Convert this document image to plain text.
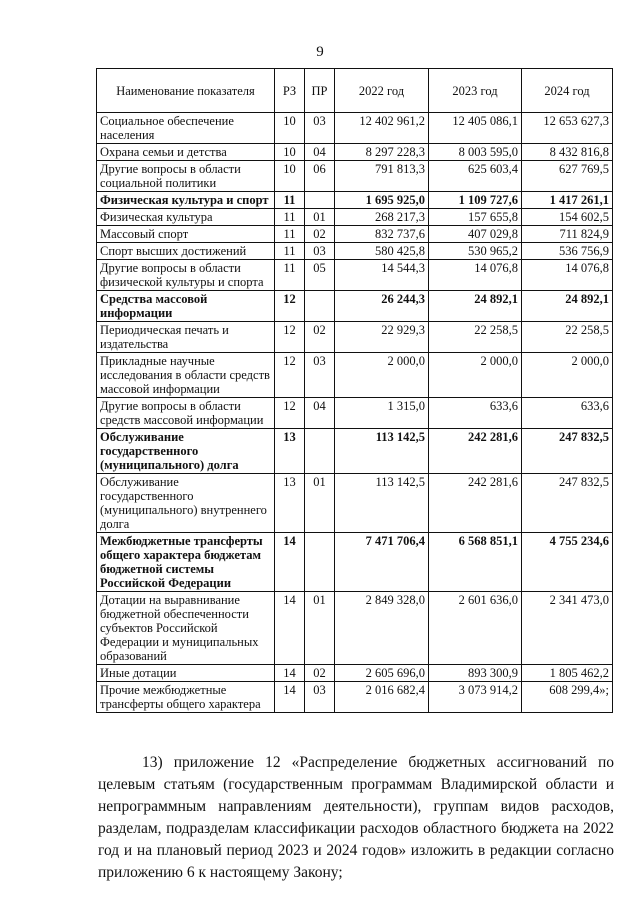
9
Наименование показателя	РЗ	ПР	2022 год	2023 год	2024 год
Социальное обеспечение населения	10	03	12 402 961,2	12 405 086,1	12 653 627,3
Охрана семьи и детства	10	04	8 297 228,3	8 003 595,0	8 432 816,8
Другие вопросы в области социальной политики	10	06	791 813,3	625 603,4	627 769,5
Физическая культура и спорт	11		1 695 925,0	1 109 727,6	1 417 261,1
Физическая культура	11	01	268 217,3	157 655,8	154 602,5
Массовый спорт	11	02	832 737,6	407 029,8	711 824,9
Спорт высших достижений	11	03	580 425,8	530 965,2	536 756,9
Другие вопросы в области физической культуры и спорта	11	05	14 544,3	14 076,8	14 076,8
Средства массовой информации	12		26 244,3	24 892,1	24 892,1
Периодическая печать и издательства	12	02	22 929,3	22 258,5	22 258,5
Прикладные научные исследования в области средств массовой информации	12	03	2 000,0	2 000,0	2 000,0
Другие вопросы в области средств массовой информации	12	04	1 315,0	633,6	633,6
Обслуживание государственного (муниципального) долга	13		113 142,5	242 281,6	247 832,5
Обслуживание государственного (муниципального) внутреннего долга	13	01	113 142,5	242 281,6	247 832,5
Межбюджетные трансферты общего характера бюджетам бюджетной системы Российской Федерации	14		7 471 706,4	6 568 851,1	4 755 234,6
Дотации на выравнивание бюджетной обеспеченности субъектов Российской Федерации и муниципальных образований	14	01	2 849 328,0	2 601 636,0	2 341 473,0
Иные дотации	14	02	2 605 696,0	893 300,9	1 805 462,2
Прочие межбюджетные трансферты общего характера	14	03	2 016 682,4	3 073 914,2	608 299,4»;
13) приложение 12 «Распределение бюджетных ассигнований по целевым статьям (государственным программам Владимирской области и непрограммным направлениям деятельности), группам видов расходов, разделам, подразделам классификации расходов областного бюджета на 2022 год и на плановый период 2023 и 2024 годов» изложить в редакции согласно приложению 6 к настоящему Закону;
